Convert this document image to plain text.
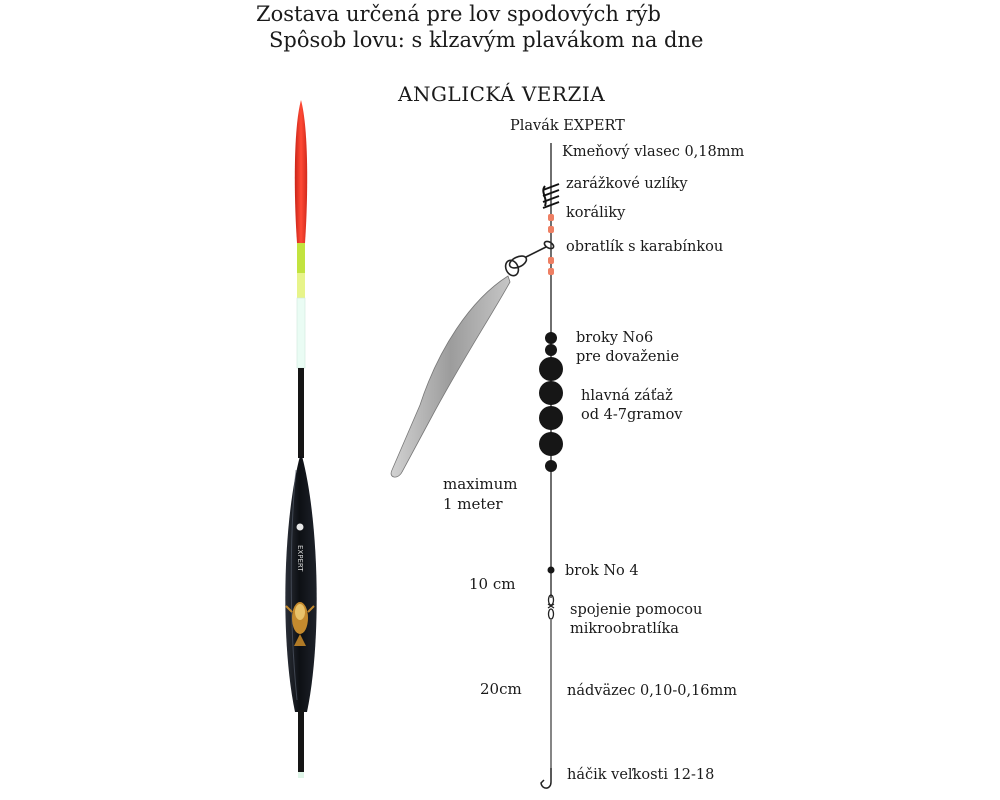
EXPERT
Zostava určená pre lov spodových rýb
Spôsob lovu: s klzavým plavákom na dne
ANGLICKÁ VERZIA
Plavák EXPERT
Kmeňový vlasec 0,18mm
zarážkové uzlíky
koráliky
obratlík s karabínkou
broky No6
pre dovaženie
hlavná záťaž
od 4-7gramov
maximum
1 meter
10 cm
brok No 4
spojenie pomocou
mikroobratlíka
20cm	nádväzec 0,10-0,16mm
háčik veľkosti 12-18
